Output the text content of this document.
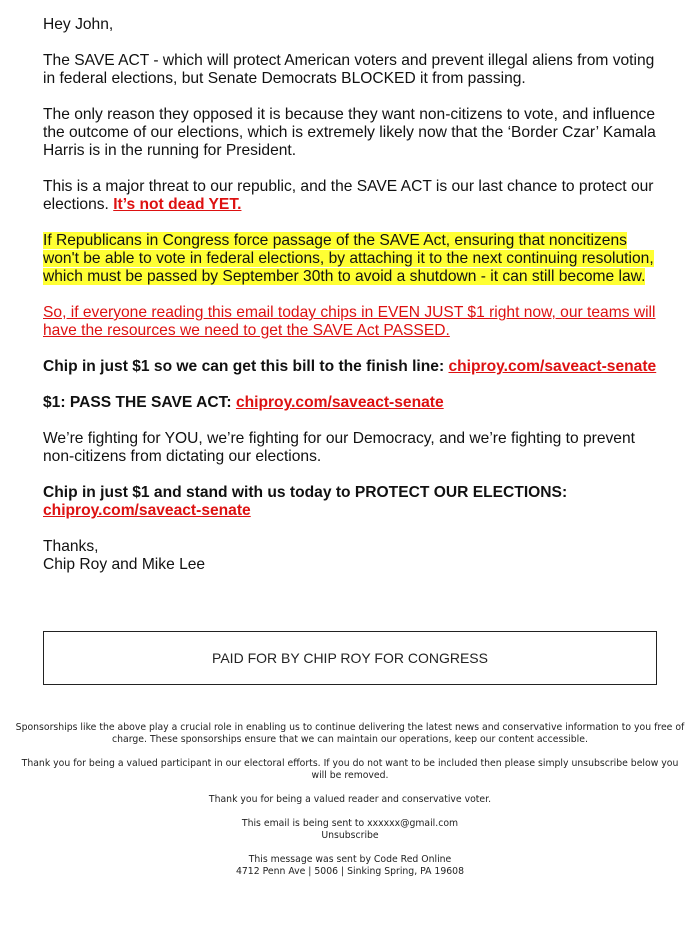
Hey John,

The SAVE ACT - which will protect American voters and prevent illegal aliens from voting in federal elections, but Senate Democrats BLOCKED it from passing.

The only reason they opposed it is because they want non-citizens to vote, and influence the outcome of our elections, which is extremely likely now that the ‘Border Czar’ Kamala Harris is in the running for President.

This is a major threat to our republic, and the SAVE ACT is our last chance to protect our elections. It’s not dead YET.

If Republicans in Congress force passage of the SAVE Act, ensuring that noncitizens won't be able to vote in federal elections, by attaching it to the next continuing resolution, which must be passed by September 30th to avoid a shutdown - it can still become law.

So, if everyone reading this email today chips in EVEN JUST $1 right now, our teams will have the resources we need to get the SAVE Act PASSED.

Chip in just $1 so we can get this bill to the finish line: chiproy.com/saveact-senate

$1: PASS THE SAVE ACT: chiproy.com/saveact-senate

We’re fighting for YOU, we’re fighting for our Democracy, and we’re fighting to prevent non-citizens from dictating our elections.

Chip in just $1 and stand with us today to PROTECT OUR ELECTIONS:
chiproy.com/saveact-senate

Thanks,
Chip Roy and Mike Lee

PAID FOR BY CHIP ROY FOR CONGRESS

Sponsorships like the above play a crucial role in enabling us to continue delivering the latest news and conservative information to you free of charge. These sponsorships ensure that we can maintain our operations, keep our content accessible.

Thank you for being a valued participant in our electoral efforts. If you do not want to be included then please simply unsubscribe below you will be removed.

Thank you for being a valued reader and conservative voter.

This email is being sent to xxxxxx@gmail.com
Unsubscribe

This message was sent by Code Red Online
4712 Penn Ave | 5006 | Sinking Spring, PA 19608
